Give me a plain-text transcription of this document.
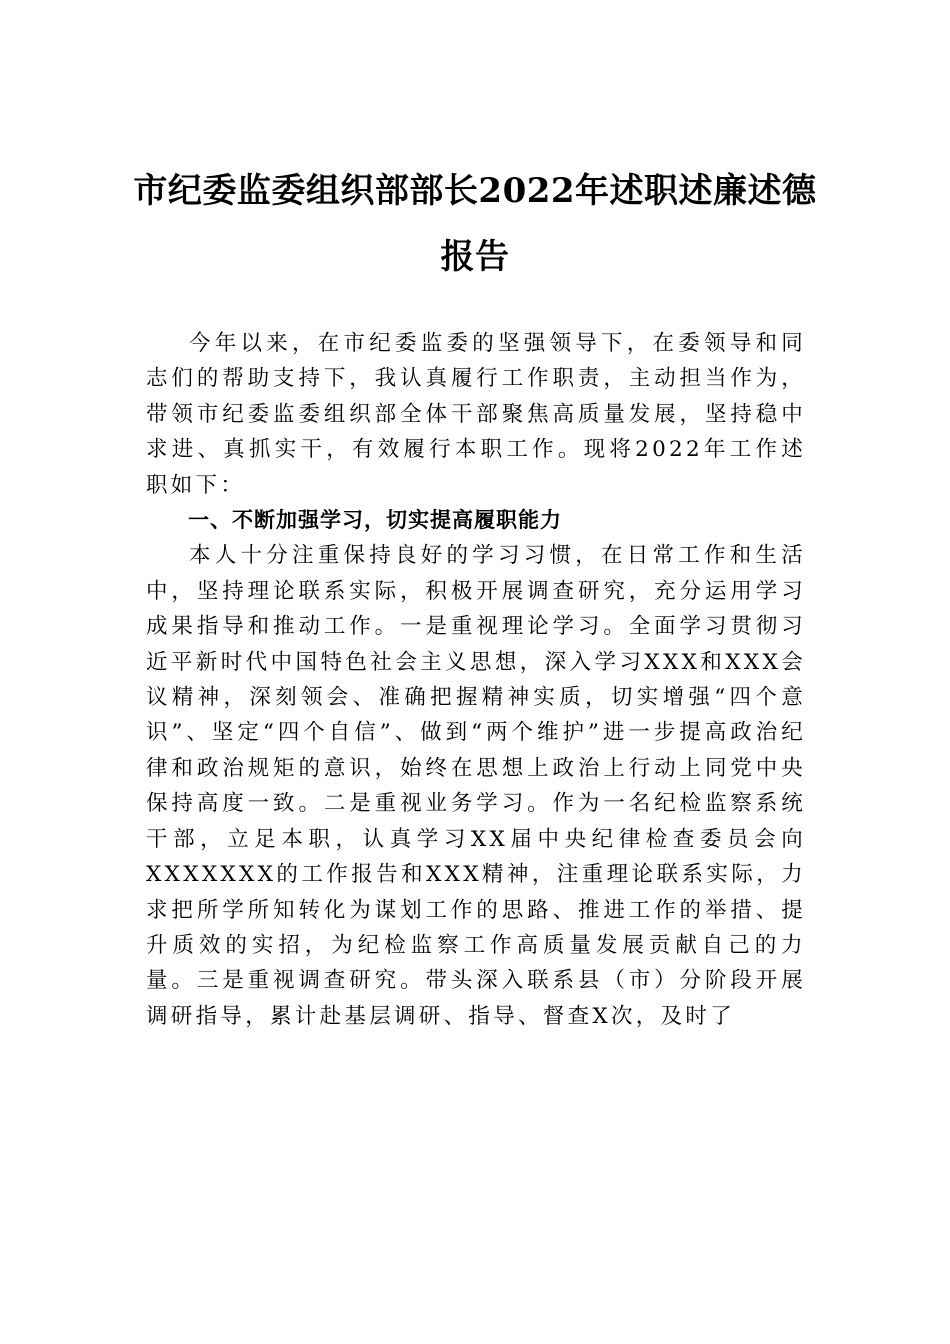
市纪委监委组织部部长2022年述职述廉述德报告

今年以来，在市纪委监委的坚强领导下，在委领导和同志们的帮助支持下，我认真履行工作职责，主动担当作为，带领市纪委监委组织部全体干部聚焦高质量发展，坚持稳中求进、真抓实干，有效履行本职工作。现将2022年工作述职如下：

一、不断加强学习，切实提高履职能力

本人十分注重保持良好的学习习惯，在日常工作和生活中，坚持理论联系实际，积极开展调查研究，充分运用学习成果指导和推动工作。一是重视理论学习。全面学习贯彻习近平新时代中国特色社会主义思想，深入学习XXX和XXX会议精神，深刻领会、准确把握精神实质，切实增强“四个意识”、坚定“四个自信”、做到“两个维护”进一步提高政治纪律和政治规矩的意识，始终在思想上政治上行动上同党中央保持高度一致。二是重视业务学习。作为一名纪检监察系统干部，立足本职，认真学习XX届中央纪律检查委员会向XXXXXXX的工作报告和XXX精神，注重理论联系实际，力求把所学所知转化为谋划工作的思路、推进工作的举措、提升质效的实招，为纪检监察工作高质量发展贡献自己的力量。三是重视调查研究。带头深入联系县（市）分阶段开展调研指导，累计赴基层调研、指导、督查X次，及时了
